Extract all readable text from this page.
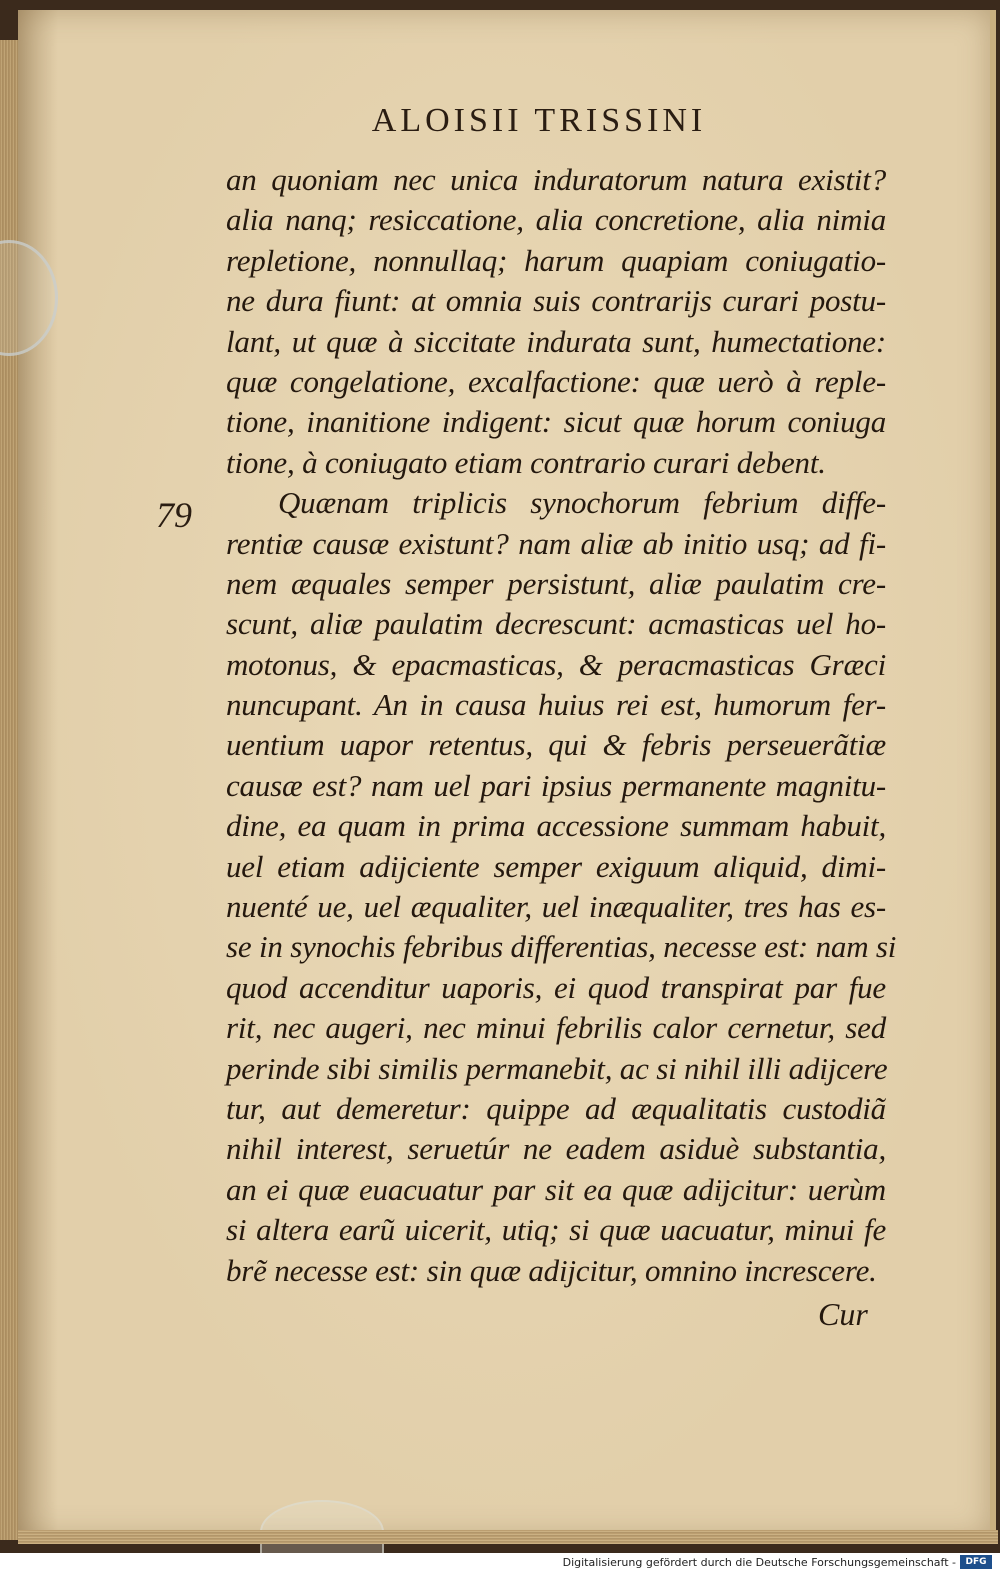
ALOISII TRISSINI
79
an quoniam nec unica induratorum natura existit?
alia nanq; resiccatione, alia concretione, alia nimia
repletione, nonnullaq; harum quapiam coniugatio-
ne dura fiunt: at omnia suis contrarijs curari postu-
lant, ut quæ à siccitate indurata sunt, humectatione:
quæ congelatione, excalfactione: quæ uerò à reple-
tione, inanitione indigent: sicut quæ horum coniuga
tione, à coniugato etiam contrario curari debent.
Quænam triplicis synochorum febrium diffe-
rentiæ causæ existunt? nam aliæ ab initio usq; ad fi-
nem æquales semper persistunt, aliæ paulatim cre-
scunt, aliæ paulatim decrescunt: acmasticas uel ho-
motonus, & epacmasticas, & peracmasticas Græci
nuncupant. An in causa huius rei est, humorum fer-
uentium uapor retentus, qui & febris perseuerãtiæ
causæ est? nam uel pari ipsius permanente magnitu-
dine, ea quam in prima accessione summam habuit,
uel etiam adijciente semper exiguum aliquid, dimi-
nuenté ue, uel æqualiter, uel inæqualiter, tres has es-
se in synochis febribus differentias, necesse est: nam si
quod accenditur uaporis, ei quod transpirat par fue
rit, nec augeri, nec minui febrilis calor cernetur, sed
perinde sibi similis permanebit, ac si nihil illi adijcere
tur, aut demeretur: quippe ad æqualitatis custodiã
nihil interest, seruetúr ne eadem asiduè substantia,
an ei quæ euacuatur par sit ea quæ adijcitur: uerùm
si altera earũ uicerit, utiq; si quæ uacuatur, minui fe
brẽ necesse est: sin quæ adijcitur, omnino increscere.
Cur
Digitalisierung gefördert durch die Deutsche Forschungsgemeinschaft -	DFG
